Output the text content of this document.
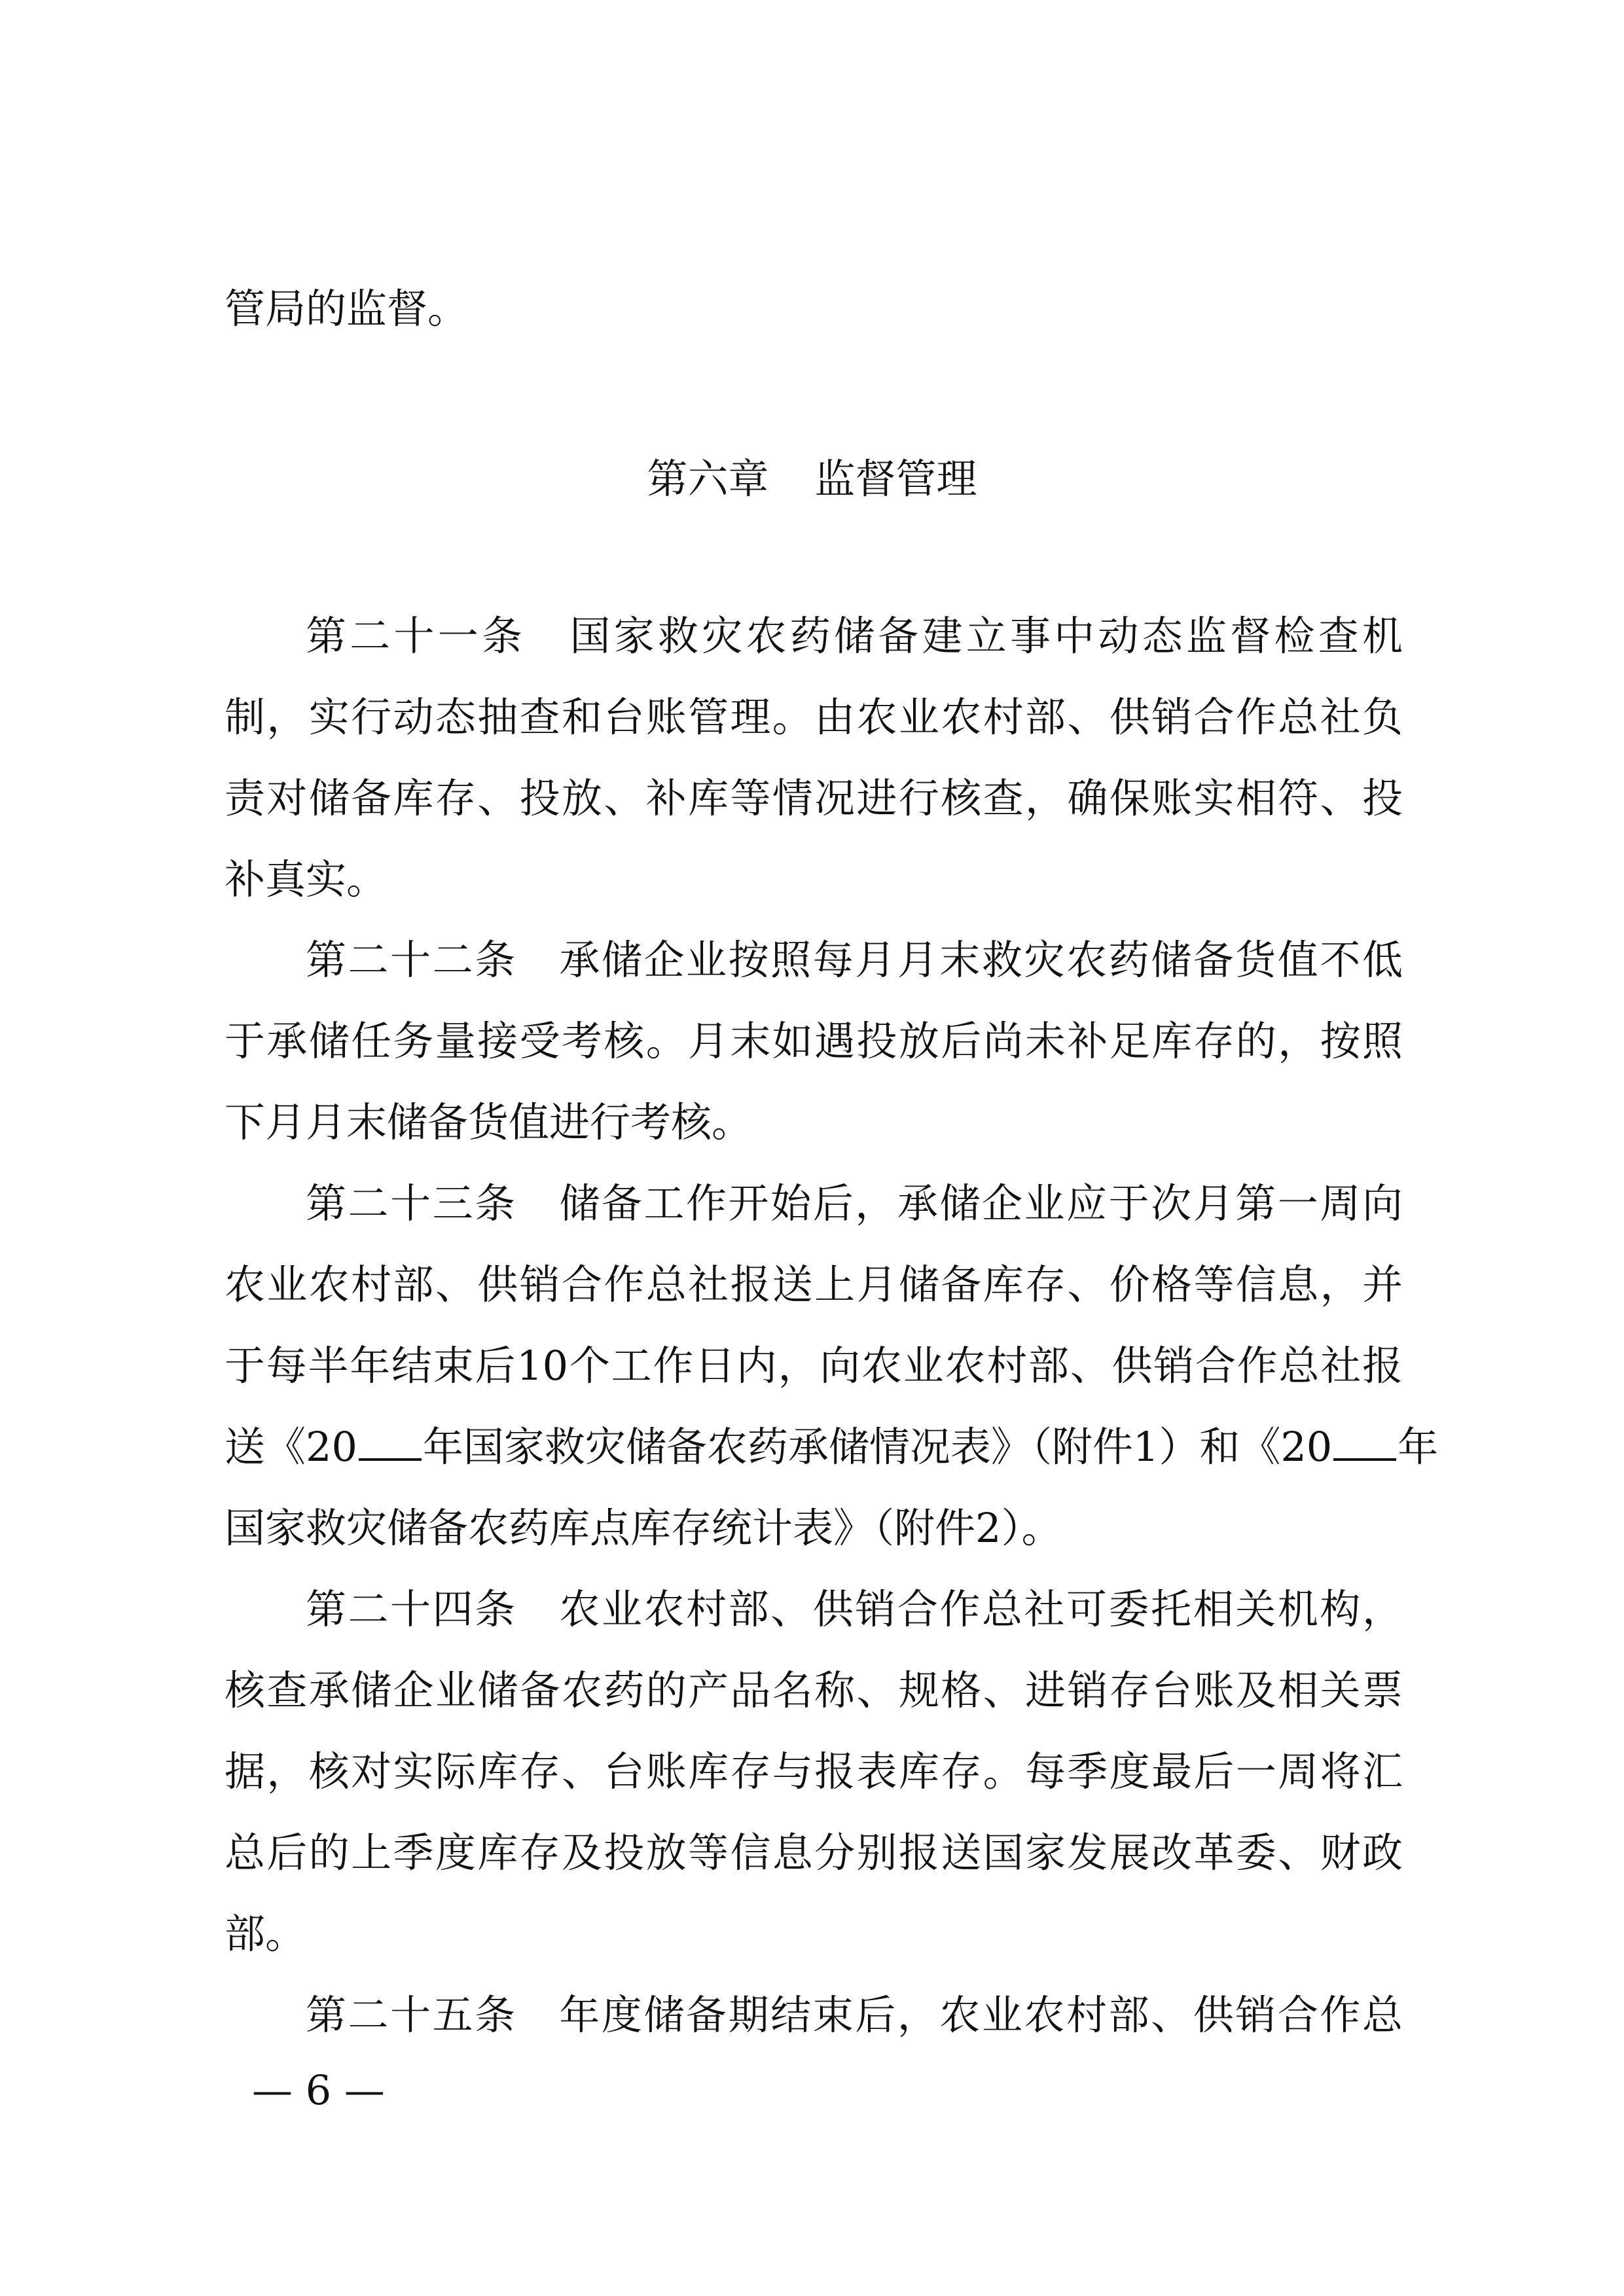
管局的监督。
第六章 监督管理
第二十一条 国家救灾农药储备建立事中动态监督检查机
制，实行动态抽查和台账管理。由农业农村部、供销合作总社负
责对储备库存、投放、补库等情况进行核查，确保账实相符、投
补真实。
第二十二条 承储企业按照每月月末救灾农药储备货值不低
于承储任务量接受考核。月末如遇投放后尚未补足库存的，按照
下月月末储备货值进行考核。
第二十三条 储备工作开始后，承储企业应于次月第一周向
农业农村部、供销合作总社报送上月储备库存、价格等信息，并
于每半年结束后10个工作日内，向农业农村部、供销合作总社报
送《20 年国家救灾储备农药承储情况表》（附件1）和《20 年
国家救灾储备农药库点库存统计表》（附件2）。
第二十四条 农业农村部、供销合作总社可委托相关机构，
核查承储企业储备农药的产品名称、规格、进销存台账及相关票
据，核对实际库存、台账库存与报表库存。每季度最后一周将汇
总后的上季度库存及投放等信息分别报送国家发展改革委、财政
部。
第二十五条 年度储备期结束后，农业农村部、供销合作总
— 6 —
